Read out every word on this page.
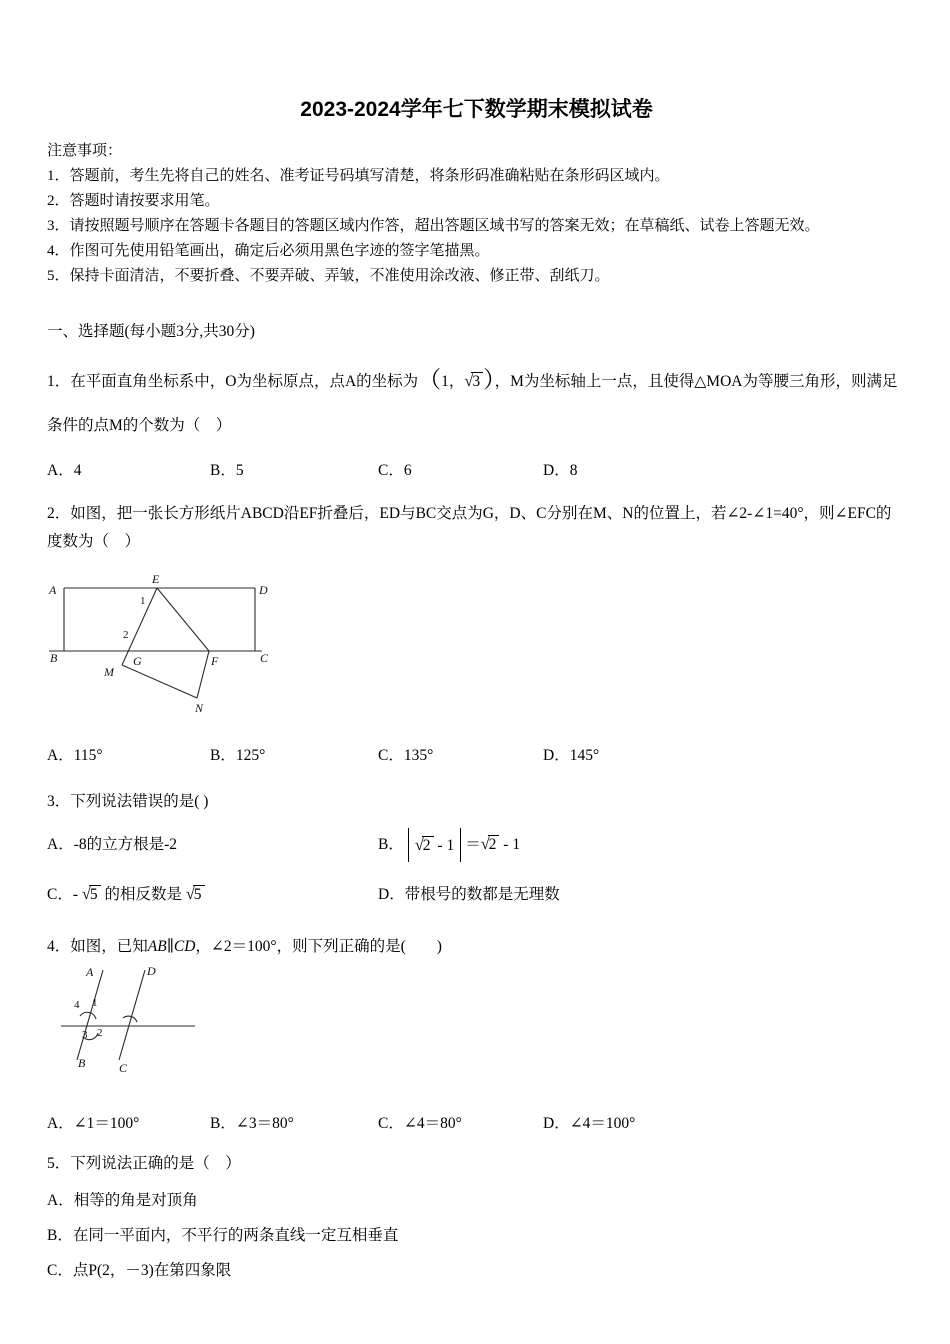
2023-2024学年七下数学期末模拟试卷

注意事项：

1．答题前，考生先将自己的姓名、准考证号码填写清楚，将条形码准确粘贴在条形码区域内。

2．答题时请按要求用笔。

3．请按照题号顺序在答题卡各题目的答题区域内作答，超出答题区域书写的答案无效；在草稿纸、试卷上答题无效。

4．作图可先使用铅笔画出，确定后必须用黑色字迹的签字笔描黑。

5．保持卡面清洁，不要折叠、不要弄破、弄皱，不准使用涂改液、修正带、刮纸刀。

一、选择题(每小题3分,共30分)

1．在平面直角坐标系中，O为坐标原点，点A的坐标为（1，√3 ），M为坐标轴上一点，且使得△MOA为等腰三角形，则满足条件的点M的个数为（　）

A．4	B．5	C．6	D．8

2．如图，把一张长方形纸片ABCD沿EF折叠后，ED与BC交点为G，D、C分别在M、N的位置上，若∠2-∠1=40°，则∠EFC的度数为（　）

A
E
D
1
2
B
M
G	F	C
N
A．115°	B．125°	C．135°	D．145°

3．下列说法错误的是( )

A．-8的立方根是-2	B． √2 - 1 ＝√2 - 1
C．- √5 的相反数是 √5	D．带根号的数都是无理数

4．如图，已知AB∥CD，∠2＝100°，则下列正确的是(　　)

A	D
4 1
3 2
B	C
A．∠1＝100°	B．∠3＝80°	C．∠4＝80°	D．∠4＝100°

5．下列说法正确的是（　）

A．相等的角是对顶角
B．在同一平面内，不平行的两条直线一定互相垂直
C．点P(2，－3)在第四象限
